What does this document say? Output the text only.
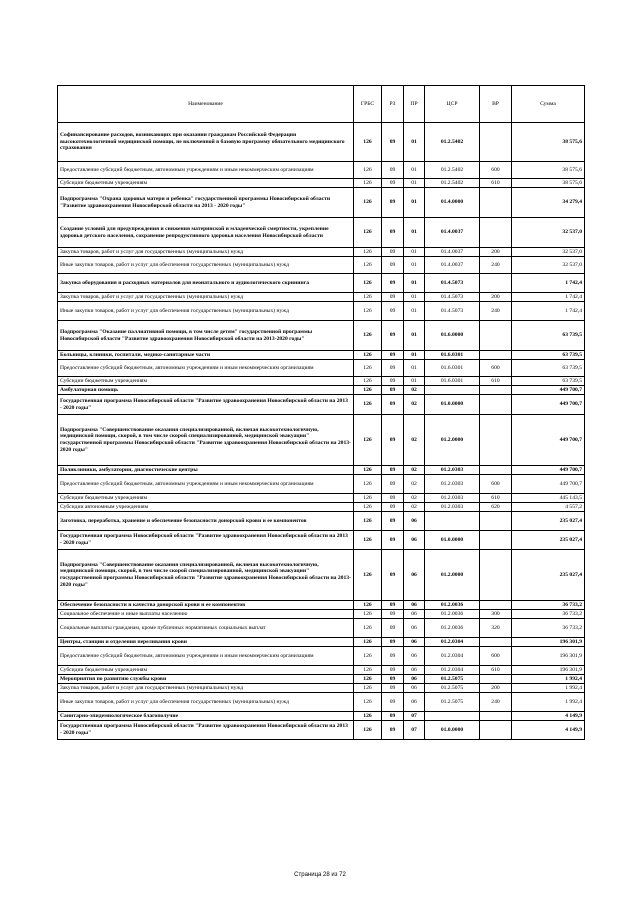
Наименование	ГРБС	РЗ	ПР	ЦСР	ВР	Сумма
Софинансирование расходов, возникающих при оказании гражданам Российской Федерации высокотехнологичной медицинской помощи, не включенной в базовую программу обязательного медицинского страхования	126	09	01	01.2.5402		38 575,6
Предоставление субсидий бюджетным, автономным учреждениям и иным некоммерческим организациям	126	09	01	01.2.5402	600	38 575,6
Субсидии бюджетным учреждениям	126	09	01	01.2.5402	610	38 575,6
Подпрограмма "Охрана здоровья матери и ребенка" государственной программы Новосибирской области "Развитие здравоохранения Новосибирской области на 2013 - 2020 годы"	126	09	01	01.4.0000		34 279,4
Создание условий для предупреждения и снижения материнской и младенческой смертности, укрепление здоровья детского населения, сохранение репродуктивного здоровья населения Новосибирской области	126	09	01	01.4.0037		32 537,0
Закупка товаров, работ и услуг для государственных (муниципальных) нужд	126	09	01	01.4.0037	200	32 537,0
Иные закупки товаров, работ и услуг для обеспечения государственных (муниципальных) нужд	126	09	01	01.4.0037	240	32 537,0
Закупка оборудования и расходных материалов для неонатального и аудиологического скрининга	126	09	01	01.4.5073		1 742,4
Закупка товаров, работ и услуг для государственных (муниципальных) нужд	126	09	01	01.4.5073	200	1 742,4
Иные закупки товаров, работ и услуг для обеспечения государственных (муниципальных) нужд	126	09	01	01.4.5073	240	1 742,4
Подпрограмма "Оказание паллиативной помощи, в том числе детям" государственной программы Новосибирской области "Развитие здравоохранения Новосибирской области на 2013-2020 годы"	126	09	01	01.6.0000		63 739,5
Больницы, клиники, госпитали, медико-санитарные части	126	09	01	01.6.0301		63 739,5
Предоставление субсидий бюджетным, автономным учреждениям и иным некоммерческим организациям	126	09	01	01.6.0301	600	63 739,5
Субсидии бюджетным учреждениям	126	09	01	01.6.0301	610	63 739,5
Амбулаторная помощь	126	09	02			449 700,7
Государственная программа Новосибирской области "Развитие здравоохранения Новосибирской области на 2013 - 2020 годы"	126	09	02	01.0.0000		449 700,7
Подпрограмма "Совершенствование оказания специализированной, включая высокотехнологичную, медицинской помощи, скорой, в том числе скорой специализированной, медицинской эвакуации" государственной программы Новосибирской области "Развитие здравоохранения Новосибирской области на 2013-2020 годы"	126	09	02	01.2.0000		449 700,7
Поликлиники, амбулатории, диагностические центры	126	09	02	01.2.0303		449 700,7
Предоставление субсидий бюджетным, автономным учреждениям и иным некоммерческим организациям	126	09	02	01.2.0303	600	449 700,7
Субсидии бюджетным учреждениям	126	09	02	01.2.0303	610	445 143,5
Субсидии автономным учреждениям	126	09	02	01.2.0303	620	4 557,2
Заготовка, переработка, хранение и обеспечение безопасности донорской крови и ее компонентов	126	09	06			235 027,4
Государственная программа Новосибирской области "Развитие здравоохранения Новосибирской области на 2013 - 2020 годы"	126	09	06	01.0.0000		235 027,4
Подпрограмма "Совершенствование оказания специализированной, включая высокотехнологичную, медицинской помощи, скорой, в том числе скорой специализированной, медицинской эвакуации" государственной программы Новосибирской области "Развитие здравоохранения Новосибирской области на 2013-2020 годы"	126	09	06	01.2.0000		235 027,4
Обеспечение безопасности и качества донорской крови и ее компонентов	126	09	06	01.2.0036		36 733,2
Социальное обеспечение и иные выплаты населению	126	09	06	01.2.0036	300	36 733,2
Социальные выплаты гражданам, кроме публичных нормативных социальных выплат	126	09	06	01.2.0036	320	36 733,2
Центры, станции и отделения переливания крови	126	09	06	01.2.0304		196 301,9
Предоставление субсидий бюджетным, автономным учреждениям и иным некоммерческим организациям	126	09	06	01.2.0304	600	196 301,9
Субсидии бюджетным учреждениям	126	09	06	01.2.0304	610	196 301,9
Мероприятия по развитию службы крови	126	09	06	01.2.5075		1 992,4
Закупка товаров, работ и услуг для государственных (муниципальных) нужд	126	09	06	01.2.5075	200	1 992,4
Иные закупки товаров, работ и услуг для обеспечения государственных (муниципальных) нужд	126	09	06	01.2.5075	240	1 992,4
Санитарно-эпидемиологическое благополучие	126	09	07			4 149,9
Государственная программа Новосибирской области "Развитие здравоохранения Новосибирской области на 2013 - 2020 годы"	126	09	07	01.0.0000		4 149,9
Страница 28 из 72
